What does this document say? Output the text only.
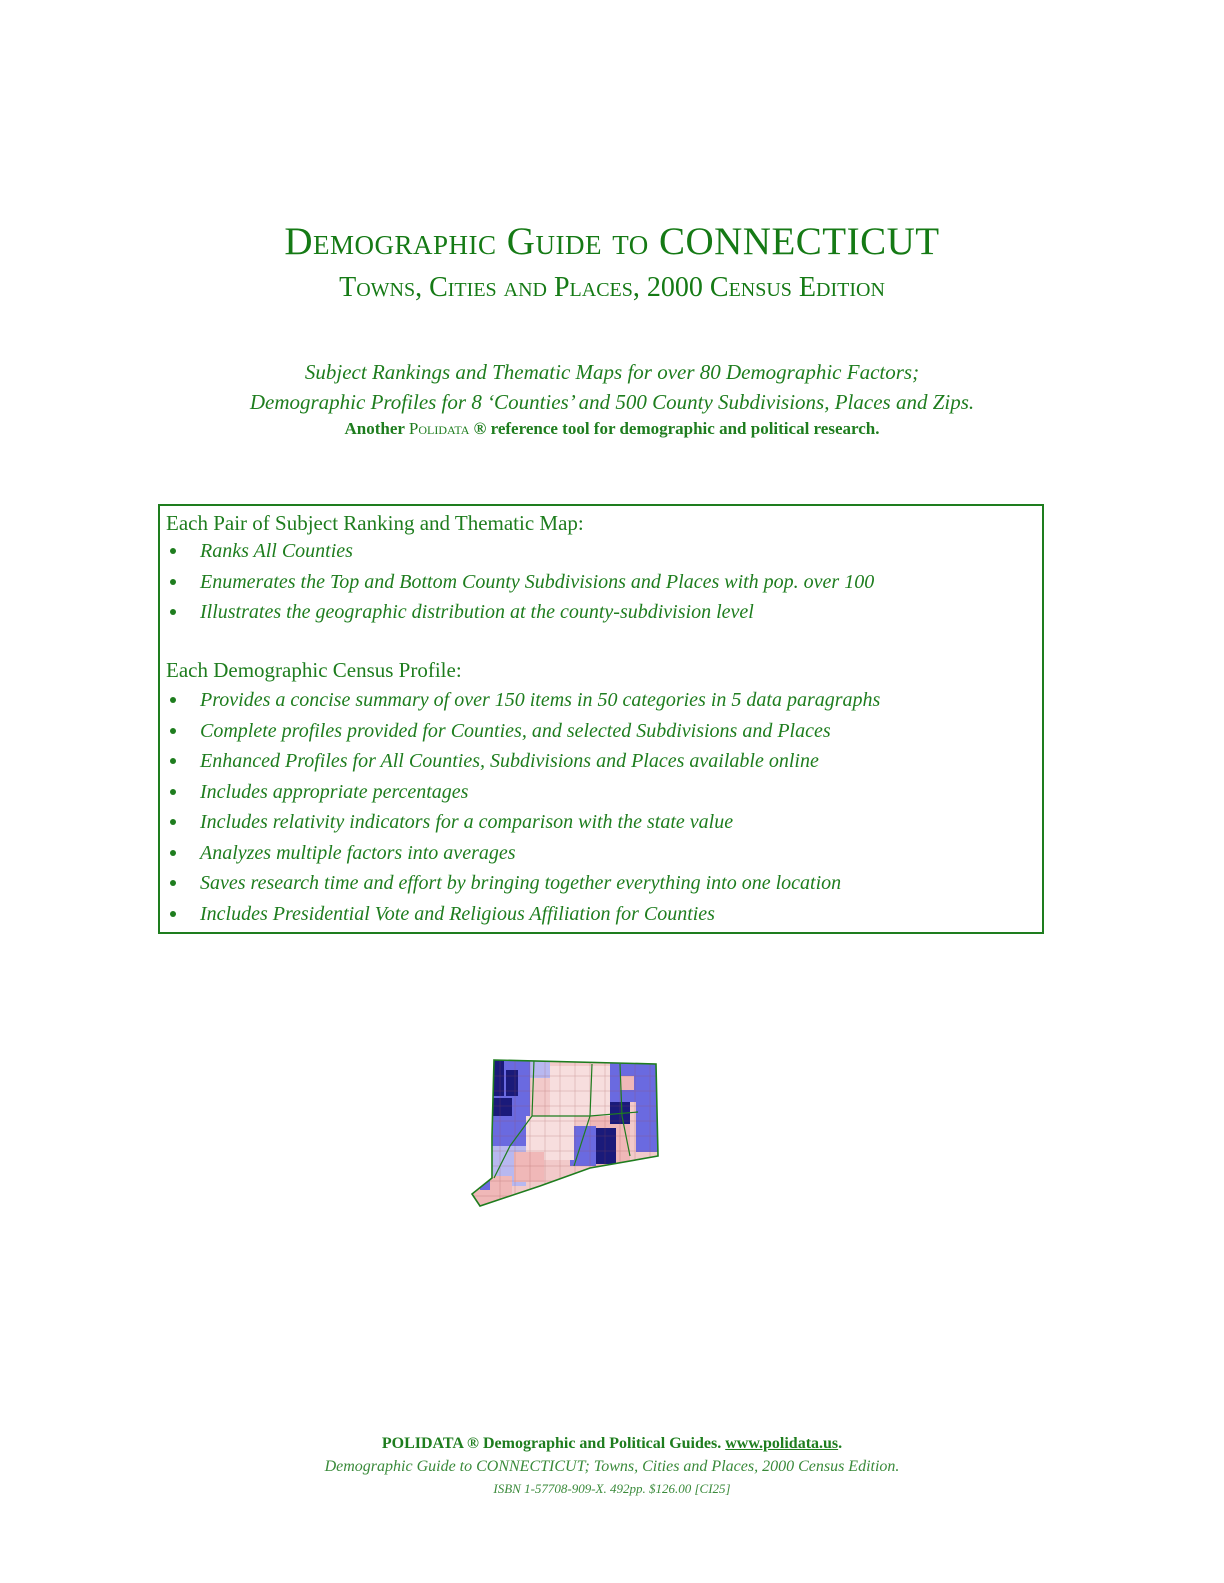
Demographic Guide to CONNECTICUT
Towns, Cities and Places, 2000 Census Edition
Subject Rankings and Thematic Maps for over 80 Demographic Factors;
Demographic Profiles for 8 ‘Counties’ and 500 County Subdivisions, Places and Zips.
Another Polidata ® reference tool for demographic and political research.
Each Pair of Subject Ranking and Thematic Map:
Ranks All Counties
Enumerates the Top and Bottom County Subdivisions and Places with pop. over 100
Illustrates the geographic distribution at the county-subdivision level
Each Demographic Census Profile:
Provides a concise summary of over 150 items in 50 categories in 5 data paragraphs
Complete profiles provided for Counties, and selected Subdivisions and Places
Enhanced Profiles for All Counties, Subdivisions and Places available online
Includes appropriate percentages
Includes relativity indicators for a comparison with the state value
Analyzes multiple factors into averages
Saves research time and effort by bringing together everything into one location
Includes Presidential Vote and Religious Affiliation for Counties
POLIDATA ® Demographic and Political Guides. www.polidata.us.
Demographic Guide to CONNECTICUT; Towns, Cities and Places, 2000 Census Edition.
ISBN 1-57708-909-X. 492pp. $126.00 [CI25]
